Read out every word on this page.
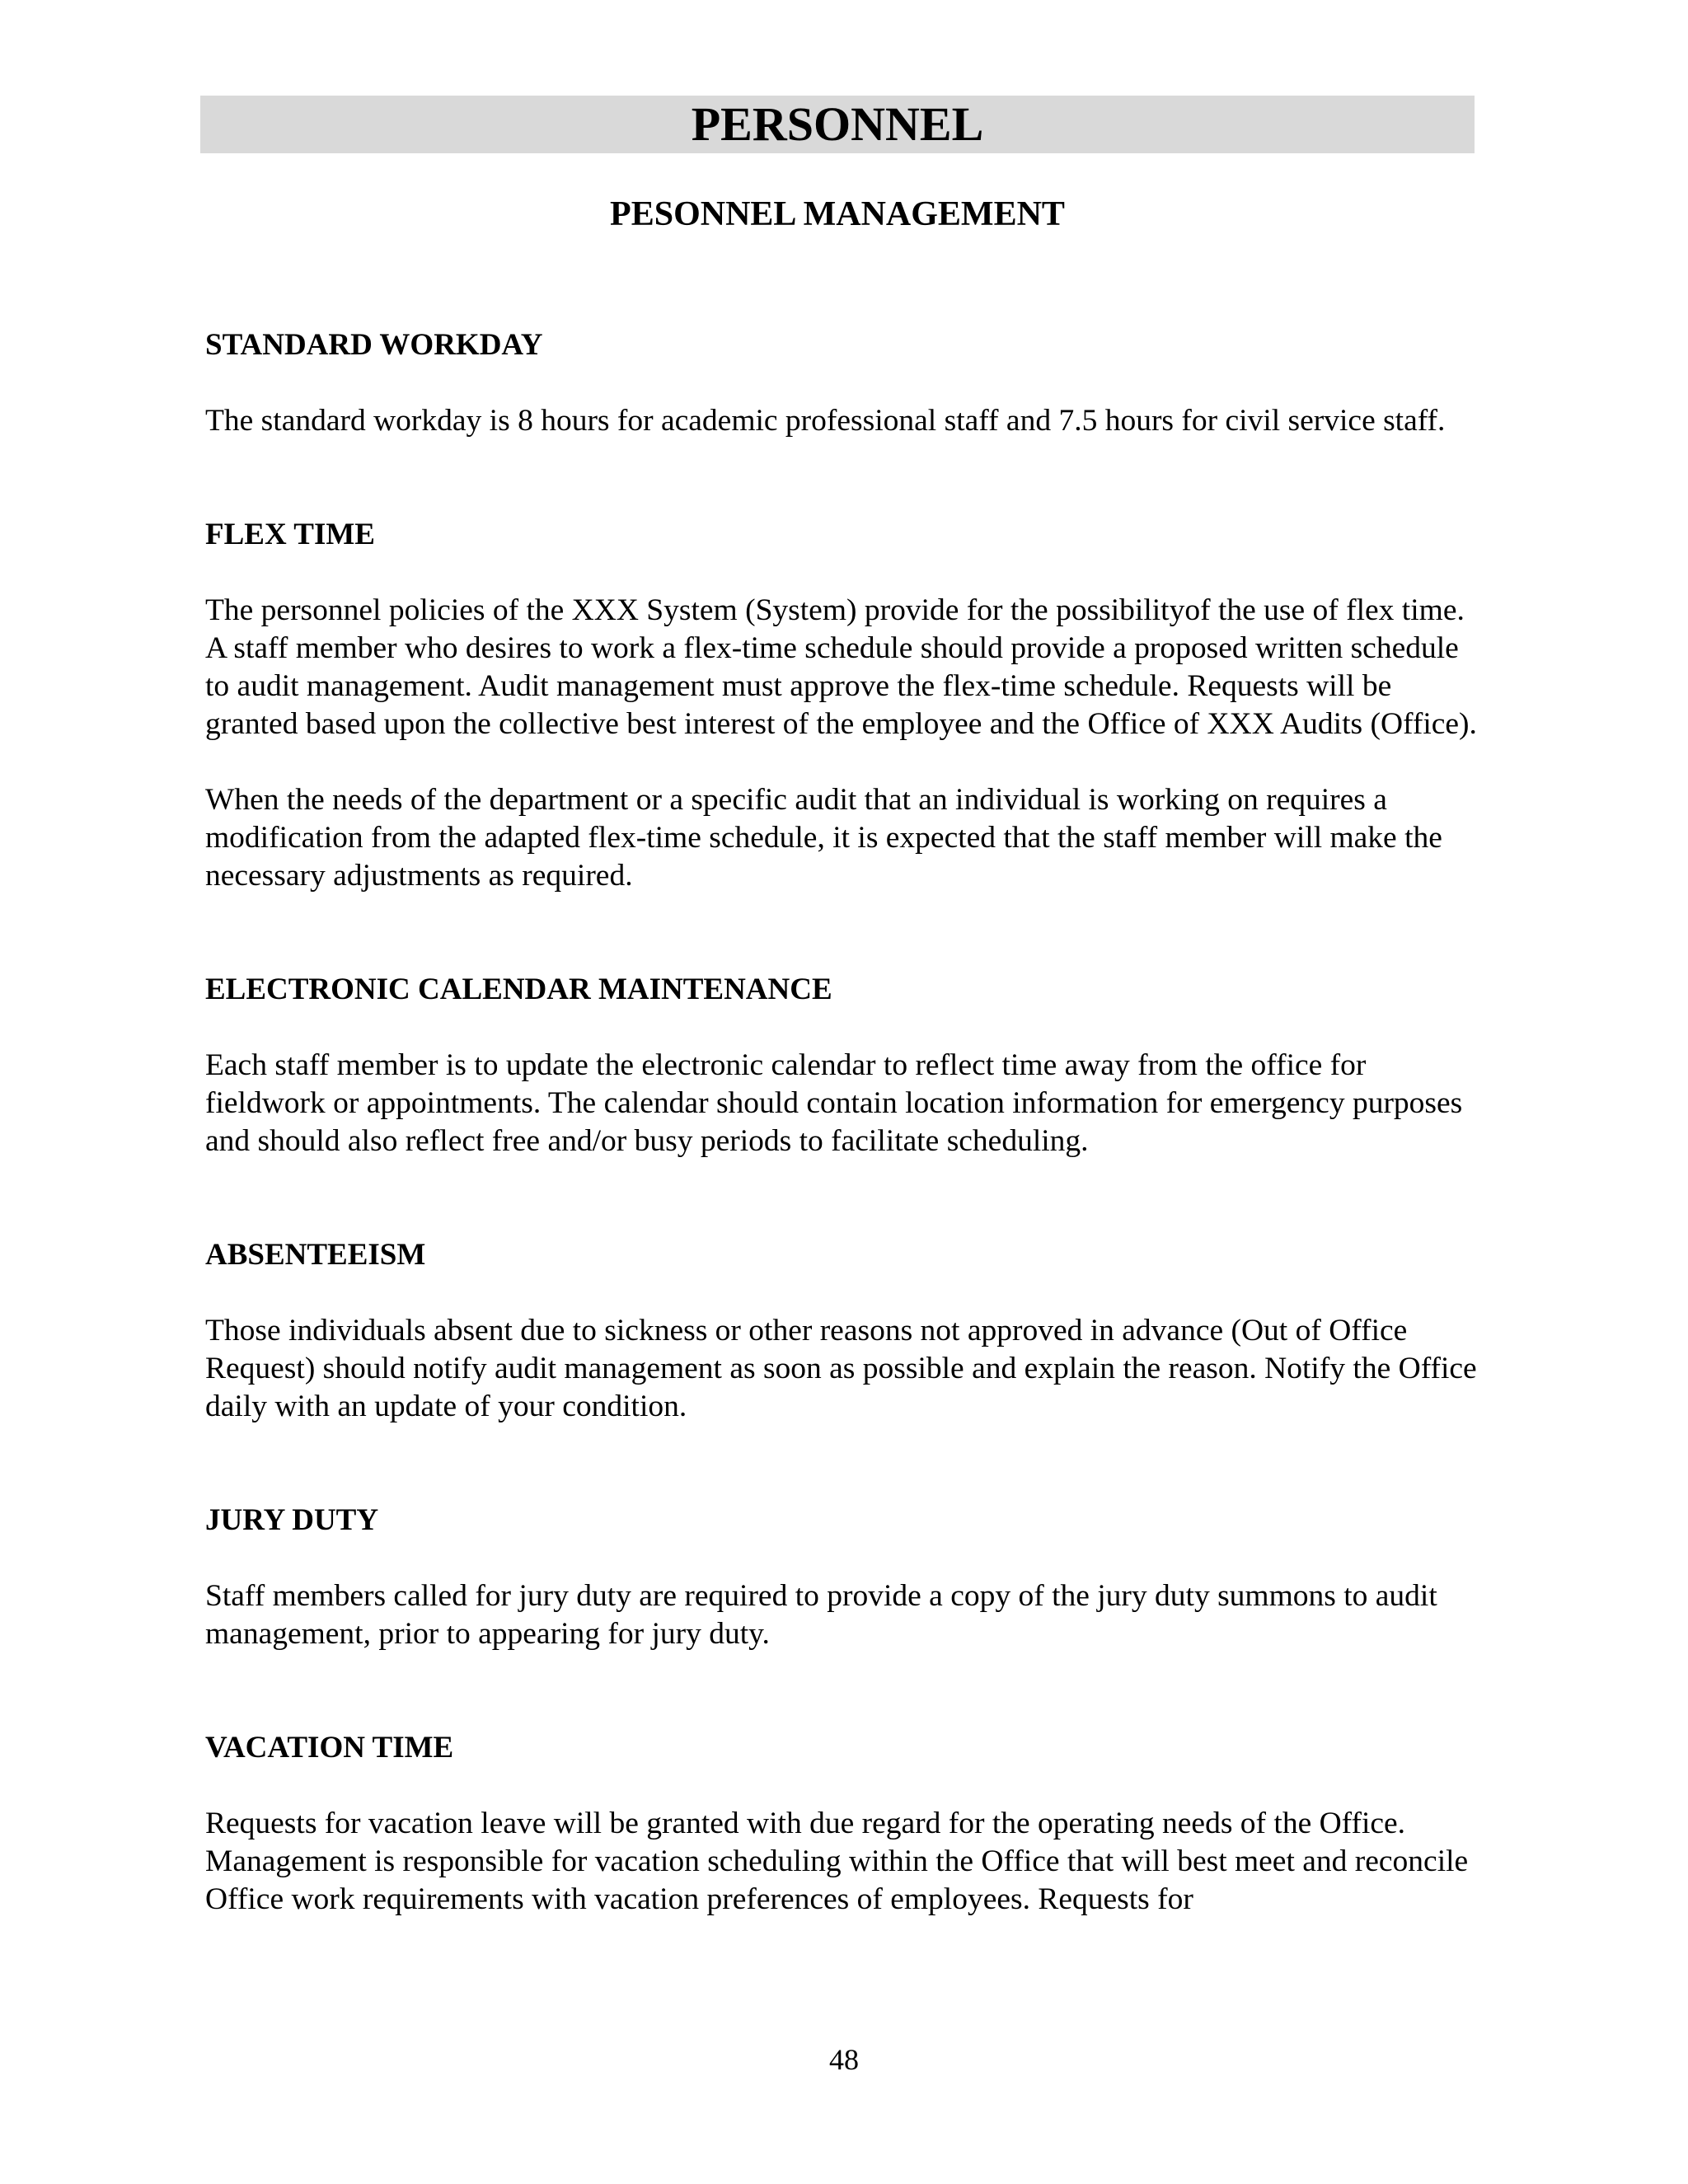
PERSONNEL
PESONNEL MANAGEMENT
STANDARD WORKDAY

The standard workday is 8 hours for academic professional staff and 7.5 hours for civil service staff.

FLEX TIME

The personnel policies of the XXX System (System) provide for the possibilityof the use of flex time. A staff member who desires to work a flex-time schedule should provide a proposed written schedule to audit management. Audit management must approve the flex-time schedule. Requests will be granted based upon the collective best interest of the employee and the Office of XXX Audits (Office).

When the needs of the department or a specific audit that an individual is working on requires a modification from the adapted flex-time schedule, it is expected that the staff member will make the necessary adjustments as required.

ELECTRONIC CALENDAR MAINTENANCE

Each staff member is to update the electronic calendar to reflect time away from the office for fieldwork or appointments. The calendar should contain location information for emergency purposes and should also reflect free and/or busy periods to facilitate scheduling.

ABSENTEEISM

Those individuals absent due to sickness or other reasons not approved in advance (Out of Office Request) should notify audit management as soon as possible and explain the reason. Notify the Office daily with an update of your condition.

JURY DUTY

Staff members called for jury duty are required to provide a copy of the jury duty summons to audit management, prior to appearing for jury duty.

VACATION TIME

Requests for vacation leave will be granted with due regard for the operating needs of the Office. Management is responsible for vacation scheduling within the Office that will best meet and reconcile Office work requirements with vacation preferences of employees. Requests for

48
